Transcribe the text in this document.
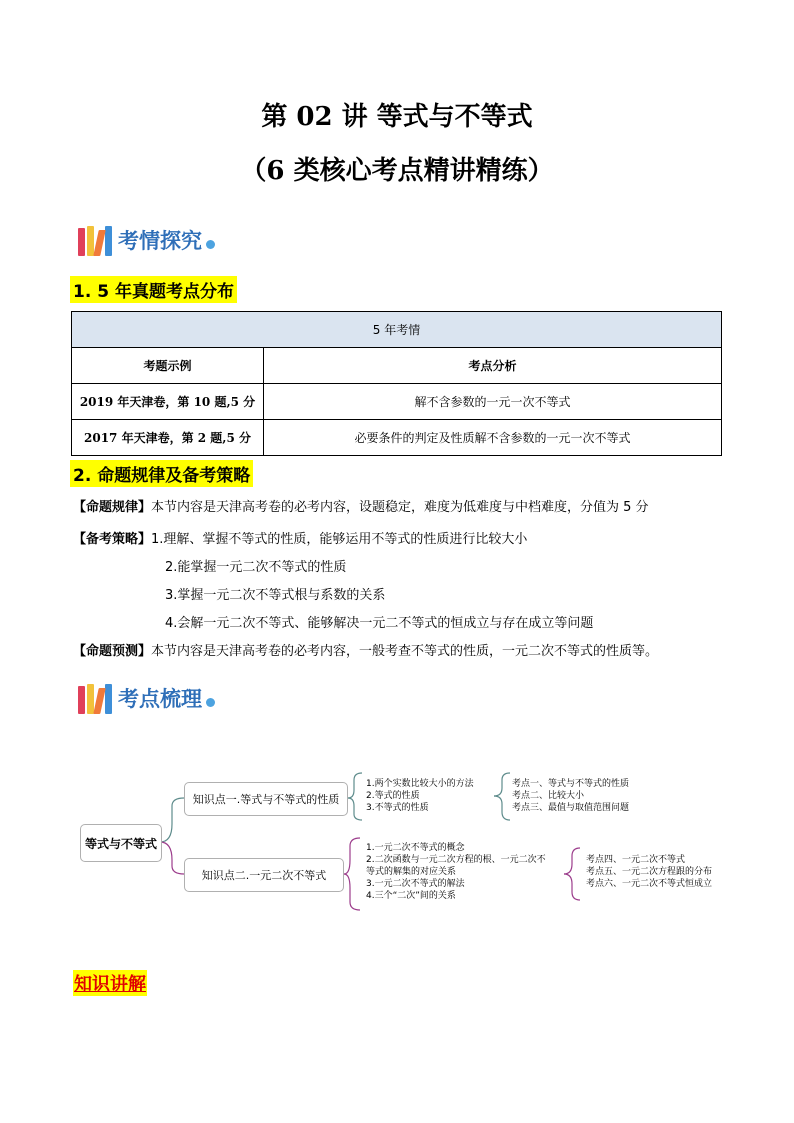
第 02 讲 等式与不等式
（6 类核心考点精讲精练）
考情探究
1. 5 年真题考点分布
5 年考情	
考题示例	考点分析
2019 年天津卷，第 10 题,5 分	解不含参数的一元一次不等式
2017 年天津卷，第 2 题,5 分	必要条件的判定及性质解不含参数的一元一次不等式
2. 命题规律及备考策略
【命题规律】本节内容是天津高考卷的必考内容，设题稳定，难度为低难度与中档难度，分值为 5 分
【备考策略】1.理解、掌握不等式的性质，能够运用不等式的性质进行比较大小
2.能掌握一元二次不等式的性质
3.掌握一元二次不等式根与系数的关系
4.会解一元二次不等式、能够解决一元二不等式的恒成立与存在成立等问题
【命题预测】本节内容是天津高考卷的必考内容，一般考查不等式的性质，一元二次不等式的性质等。
考点梳理
等式与不等式
知识点一.等式与不等式的性质
知识点二.一元二次不等式
1.两个实数比较大小的方法
2.等式的性质
3.不等式的性质
考点一、等式与不等式的性质
考点二、比较大小
考点三、最值与取值范围问题
1.一元二次不等式的概念
2.二次函数与一元二次方程的根、一元二次不
等式的解集的对应关系
3.一元二次不等式的解法
4.三个“二次”间的关系
考点四、一元二次不等式
考点五、一元二次方程跟的分布
考点六、一元二次不等式恒成立
知识讲解
